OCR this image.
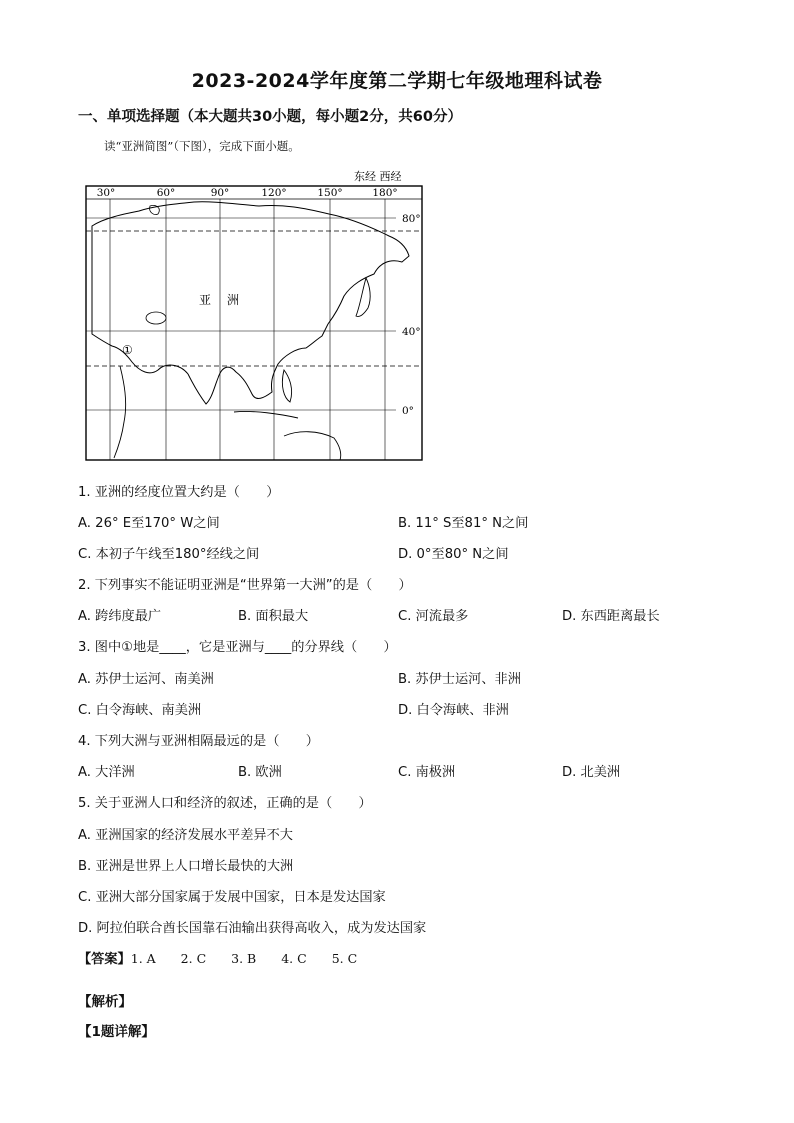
2023-2024学年度第二学期七年级地理科试卷
一、单项选择题（本大题共30小题，每小题2分，共60分）
读“亚洲简图”（下图），完成下面小题。
东经 西经
30°	60°	90°	120°	150°	180°
80°
40°
0°
亚 洲
①
1. 亚洲的经度位置大约是（　　）
A. 26° E至170° W之间	B. 11° S至81° N之间
C. 本初子午线至180°经线之间	D. 0°至80° N之间
2. 下列事实不能证明亚洲是“世界第一大洲”的是（　　）
A. 跨纬度最广	B. 面积最大	C. 河流最多	D. 东西距离最长
3. 图中①地是____，它是亚洲与____的分界线（　　）
A. 苏伊士运河、南美洲	B. 苏伊士运河、非洲
C. 白令海峡、南美洲	D. 白令海峡、非洲
4. 下列大洲与亚洲相隔最远的是（　　）
A. 大洋洲	B. 欧洲	C. 南极洲	D. 北美洲
5. 关于亚洲人口和经济的叙述，正确的是（　　）
A. 亚洲国家的经济发展水平差异不大
B. 亚洲是世界上人口增长最快的大洲
C. 亚洲大部分国家属于发展中国家，日本是发达国家
D. 阿拉伯联合酋长国靠石油输出获得高收入，成为发达国家
【答案】1. A　　2. C　　3. B　　4. C　　5. C
【解析】
【1题详解】
